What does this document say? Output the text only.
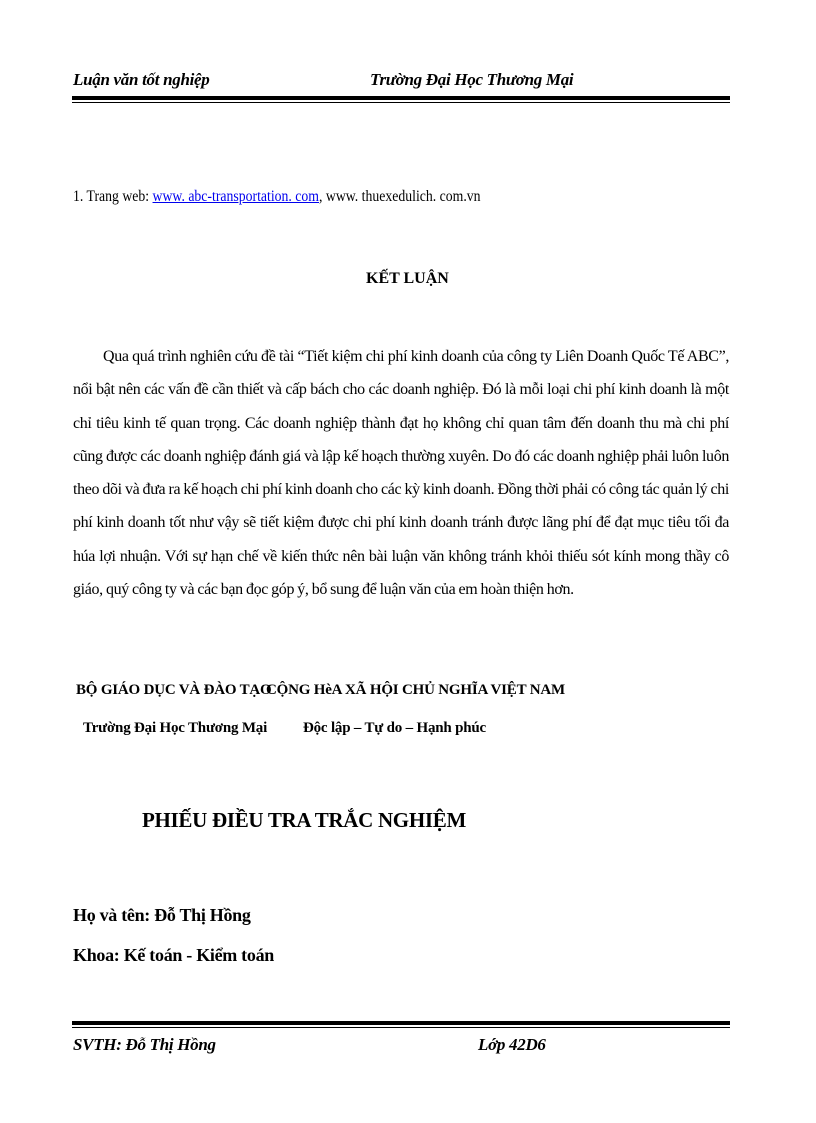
Luận văn tốt nghiệp	Trường Đại Học Thương Mại
1. Trang web: www. abc-transportation. com, www. thuexedulich. com.vn
KẾT LUẬN
Qua quá trình nghiên cứu đề tài “Tiết kiệm chi phí kinh doanh của công ty Liên Doanh Quốc Tế ABC”, nổi bật nên các vấn đề cần thiết và cấp bách cho các doanh nghiệp. Đó là mỗi loại chi phí kinh doanh là một chỉ tiêu kinh tế quan trọng. Các doanh nghiệp thành đạt họ không chỉ quan tâm đến doanh thu mà chi phí cũng được các doanh nghiệp đánh giá và lập kế hoạch thường xuyên. Do đó các doanh nghiệp phải luôn luôn theo dõi và đưa ra kế hoạch chi phí kinh doanh cho các kỳ kinh doanh. Đồng thời phải có công tác quản lý chi phí kinh doanh tốt như vậy sẽ tiết kiệm được chi phí kinh doanh tránh được lãng phí để đạt mục tiêu tối đa húa lợi nhuận. Với sự hạn chế về kiến thức nên bài luận văn không tránh khỏi thiếu sót kính mong thầy cô giáo, quý công ty và các bạn đọc góp ý, bổ sung để luận văn của em hoàn thiện hơn.
BỘ GIÁO DỤC VÀ ĐÀO TẠO
Trường Đại Học Thương Mại
CỘNG HèA XÃ HỘI CHỦ NGHĨA VIỆT NAM
Độc lập – Tự do – Hạnh phúc
PHIẾU ĐIỀU TRA TRẮC NGHIỆM
Họ và tên: Đỗ Thị Hồng
Khoa: Kế toán - Kiểm toán
SVTH: Đỗ Thị Hồng	Lớp 42D6
